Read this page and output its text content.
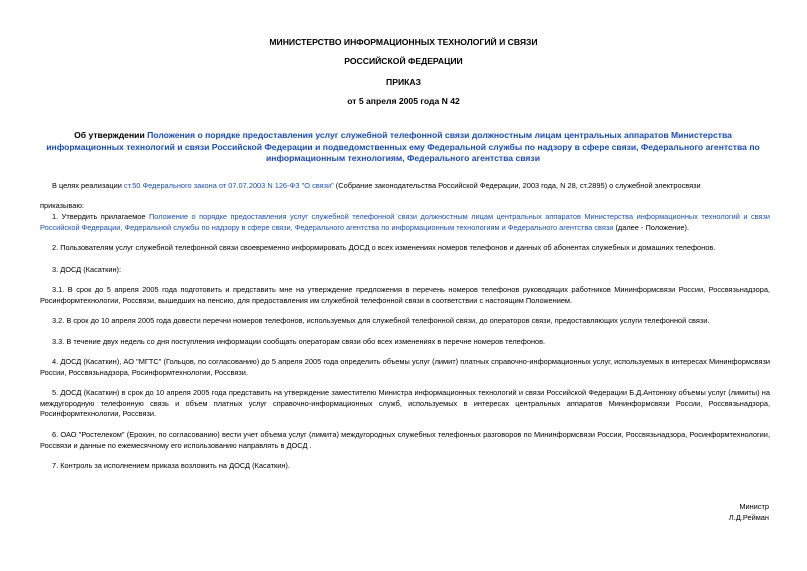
МИНИСТЕРСТВО ИНФОРМАЦИОННЫХ ТЕХНОЛОГИЙ И СВЯЗИ
РОССИЙСКОЙ ФЕДЕРАЦИИ
ПРИКАЗ
от 5 апреля 2005 года N 42
Об утверждении Положения о порядке предоставления услуг служебной телефонной связи должностным лицам центральных аппаратов Министерства информационных технологий и связи Российской Федерации и подведомственных ему Федеральной службы по надзору в сфере связи, Федерального агентства по информационным технологиям, Федерального агентства связи
В целях реализации ст.50 Федерального закона от 07.07.2003 N 126-ФЗ "О связи" (Собрание законодательства Российской Федерации, 2003 года, N 28, ст.2895) о служебной электросвязи
приказываю:
1. Утвердить прилагаемое Положение о порядке предоставления услуг служебной телефонной связи должностным лицам центральных аппаратов Министерства информационных технологий и связи Российской Федерации, Федеральной службы по надзору в сфере связи, Федерального агентства по информационным технологиям и Федерального агентства связи (далее - Положение).
2. Пользователям услуг служебной телефонной связи своевременно информировать ДОСД о всех изменениях номеров телефонов и данных об абонентах служебных и домашних телефонов.
3. ДОСД (Касаткин):
3.1. В срок до 5 апреля 2005 года подготовить и представить мне на утверждение предложения в перечень номеров телефонов руководящих работников Мининформсвязи России, Россвязьнадзора, Росинформтехнологии, Россвязи, вышедших на пенсию, для предоставления им служебной телефонной связи в соответствии с настоящим Положением.
3.2. В срок до 10 апреля 2005 года довести перечни номеров телефонов, используемых для служебной телефонной связи, до операторов связи, предоставляющих услуги телефонной связи.
3.3. В течение двух недель со дня поступления информации сообщать операторам связи обо всех изменениях в перечне номеров телефонов.
4. ДОСД (Касаткин), АО "МГТС" (Гольцов, по согласованию) до 5 апреля 2005 года определить объемы услуг (лимит) платных справочно-информационных услуг, используемых в интересах Мининформсвязи России, Россвязьнадзора, Росинформтехнологии, Россвязи.
5. ДОСД (Касаткин) в срок до 10 апреля 2005 года представить на утверждение заместителю Министра информационных технологий и связи Российской Федерации Б.Д.Антонюку объемы услуг (лимиты) на междугородную телефонную связь и объем платных услуг справочно-информационных служб, используемых в интересах центральных аппаратов Мининформсвязи России, Россвязьнадзора, Росинформтехнологии, Россвязи.
6. ОАО "Ростелеком" (Ерохин, по согласованию) вести учет объема услуг (лимита) междугородных служебных телефонных разговоров по Мининформсвязи России, Россвязьнадзора, Росинформтехнологии, Россвязи и данные по ежемесячному его использованию направлять в ДОСД .
7. Контроль за исполнением приказа возложить на ДОСД (Касаткин).
Министр
Л.Д.Рейман
